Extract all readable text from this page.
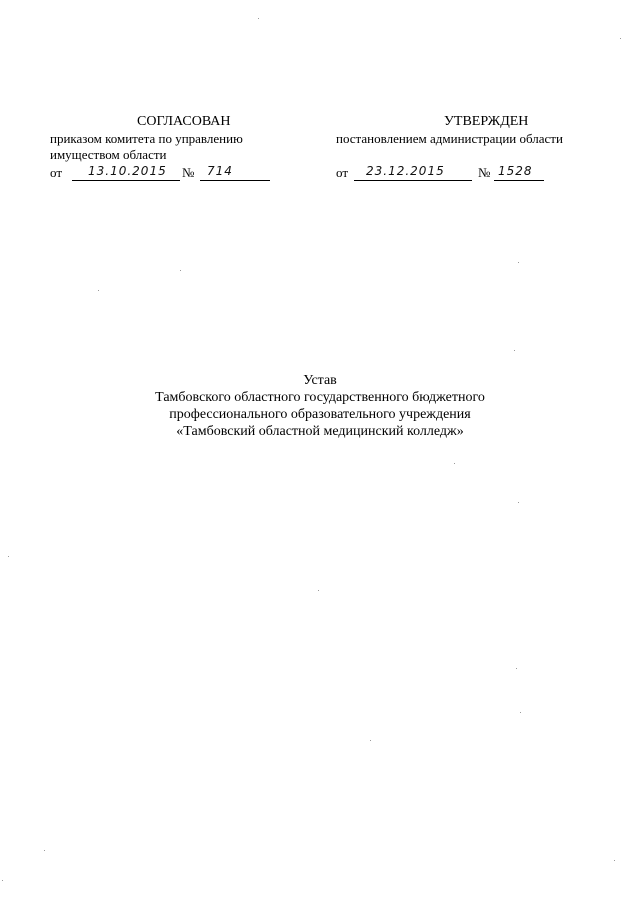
СОГЛАСОВАН
приказом комитета по управлению
имуществом области
от 13.10.2015 № 714
УТВЕРЖДЕН
постановлением администрации области
от 23.12.2015	№ 1528
Устав
Тамбовского областного государственного бюджетного
профессионального образовательного учреждения
«Тамбовский областной медицинский колледж»
